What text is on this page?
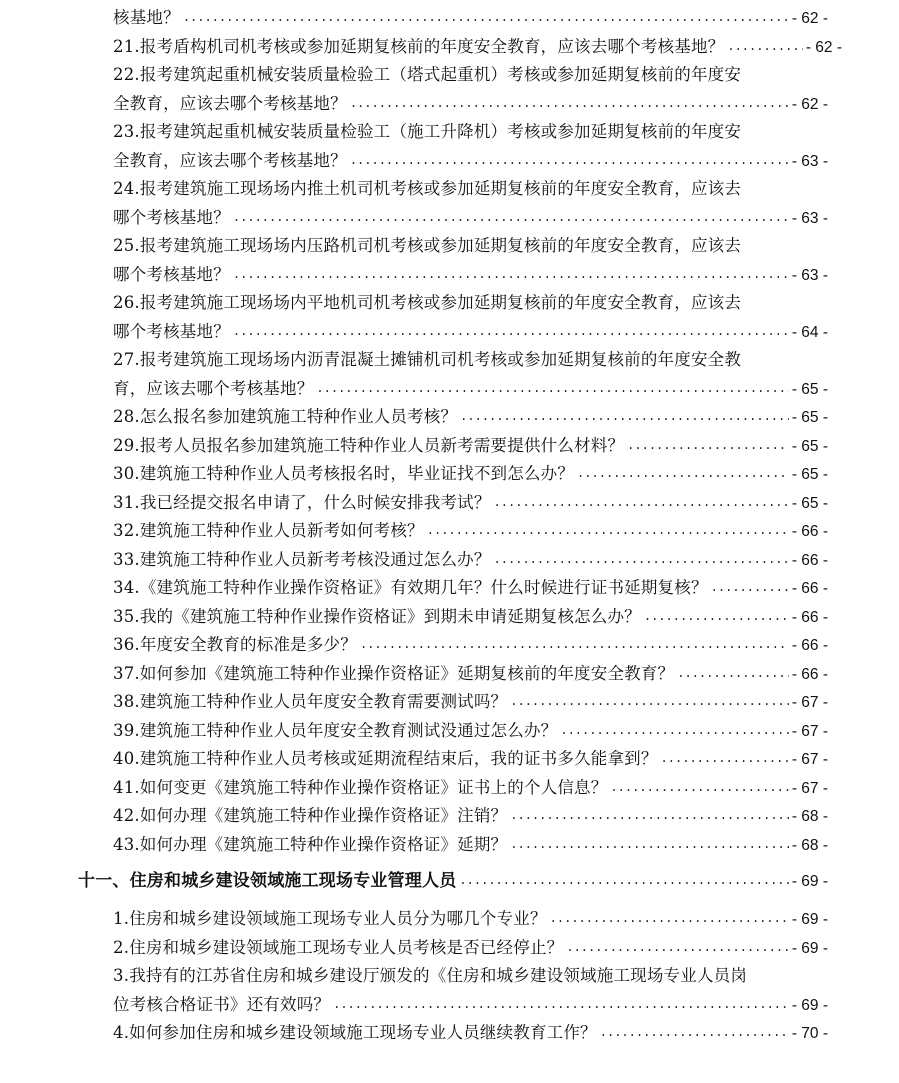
核基地？ .....	- 62 -
21.报考盾构机司机考核或参加延期复核前的年度安全教育，应该去哪个考核基地？ .....	- 62 -
22.报考建筑起重机械安装质量检验工（塔式起重机）考核或参加延期复核前的年度安
全教育，应该去哪个考核基地？ .....	- 62 -
23.报考建筑起重机械安装质量检验工（施工升降机）考核或参加延期复核前的年度安
全教育，应该去哪个考核基地？ .....	- 63 -
24.报考建筑施工现场场内推土机司机考核或参加延期复核前的年度安全教育，应该去
哪个考核基地？ .....	- 63 -
25.报考建筑施工现场场内压路机司机考核或参加延期复核前的年度安全教育，应该去
哪个考核基地？ .....	- 63 -
26.报考建筑施工现场场内平地机司机考核或参加延期复核前的年度安全教育，应该去
哪个考核基地？ .....	- 64 -
27.报考建筑施工现场场内沥青混凝土摊铺机司机考核或参加延期复核前的年度安全教
育，应该去哪个考核基地？ .....	- 65 -
28.怎么报名参加建筑施工特种作业人员考核？ .....	- 65 -
29.报考人员报名参加建筑施工特种作业人员新考需要提供什么材料？ .....	- 65 -
30.建筑施工特种作业人员考核报名时，毕业证找不到怎么办？ .....	- 65 -
31.我已经提交报名申请了，什么时候安排我考试？ .....	- 65 -
32.建筑施工特种作业人员新考如何考核？ .....	- 66 -
33.建筑施工特种作业人员新考考核没通过怎么办？ .....	- 66 -
34.《建筑施工特种作业操作资格证》有效期几年？什么时候进行证书延期复核？ .....	- 66 -
35.我的《建筑施工特种作业操作资格证》到期未申请延期复核怎么办？ .....	- 66 -
36.年度安全教育的标准是多少？ .....	- 66 -
37.如何参加《建筑施工特种作业操作资格证》延期复核前的年度安全教育？ .....	- 66 -
38.建筑施工特种作业人员年度安全教育需要测试吗？ .....	- 67 -
39.建筑施工特种作业人员年度安全教育测试没通过怎么办？ .....	- 67 -
40.建筑施工特种作业人员考核或延期流程结束后，我的证书多久能拿到？ .....	- 67 -
41.如何变更《建筑施工特种作业操作资格证》证书上的个人信息？ .....	- 67 -
42.如何办理《建筑施工特种作业操作资格证》注销？ .....	- 68 -
43.如何办理《建筑施工特种作业操作资格证》延期？ .....	- 68 -
十一、住房和城乡建设领域施工现场专业管理人员 .....	- 69 -
1.住房和城乡建设领域施工现场专业人员分为哪几个专业？ .....	- 69 -
2.住房和城乡建设领域施工现场专业人员考核是否已经停止？ .....	- 69 -
3.我持有的江苏省住房和城乡建设厅颁发的《住房和城乡建设领域施工现场专业人员岗
位考核合格证书》还有效吗？ .....	- 69 -
4.如何参加住房和城乡建设领域施工现场专业人员继续教育工作？ .....	- 70 -
